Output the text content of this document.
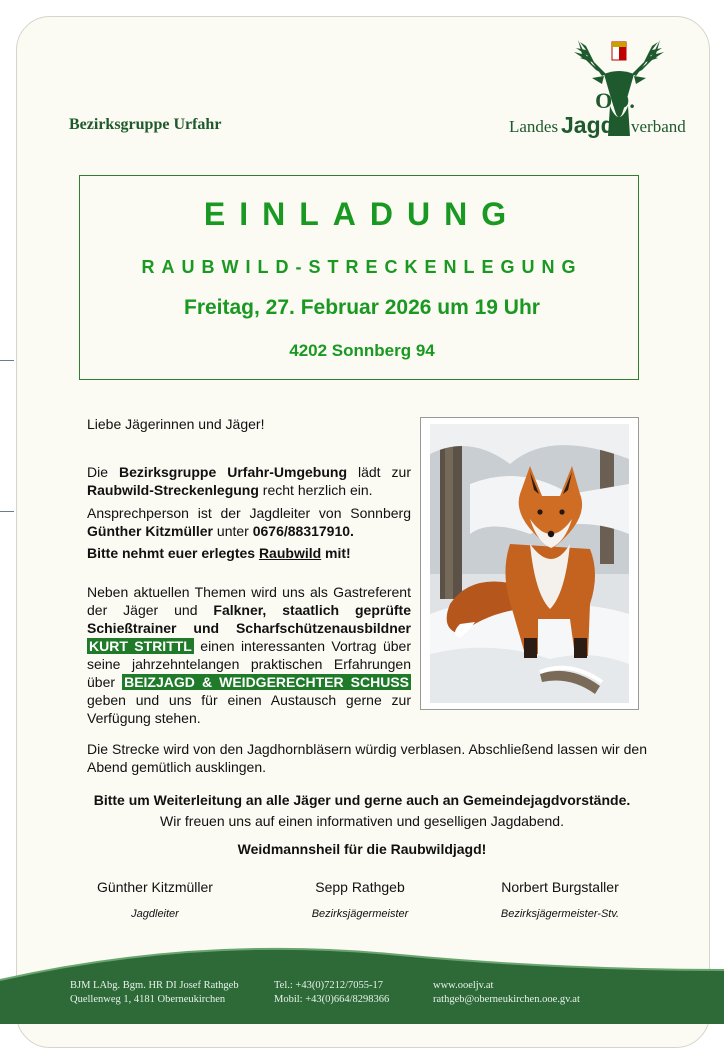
Bezirksgruppe Urfahr
OÖ.
Landes Jagd verband
EINLADUNG
RAUBWILD-STRECKENLEGUNG
Freitag, 27. Februar 2026 um 19 Uhr
4202 Sonnberg 94
Liebe Jägerinnen und Jäger!
Die Bezirksgruppe Urfahr-Umgebung lädt zur Raubwild-Streckenlegung recht herzlich ein.
Ansprechperson ist der Jagdleiter von Sonnberg Günther Kitzmüller unter 0676/88317910.
Bitte nehmt euer erlegtes Raubwild mit!
Neben aktuellen Themen wird uns als Gastreferent der Jäger und Falkner, staatlich geprüfte Schießtrainer und Scharfschützenausbildner KURT STRITTL einen interessanten Vortrag über seine jahrzehntelangen praktischen Erfahrungen über BEIZJAGD & WEIDGERECHTER SCHUSS geben und uns für einen Austausch gerne zur Verfügung stehen.
Die Strecke wird von den Jagdhornbläsern würdig verblasen. Abschließend lassen wir den Abend gemütlich ausklingen.
Bitte um Weiterleitung an alle Jäger und gerne auch an Gemeindejagdvorstände.
Wir freuen uns auf einen informativen und geselligen Jagdabend.
Weidmannsheil für die Raubwildjagd!
Günther Kitzmüller
Jagdleiter
Sepp Rathgeb
Bezirksjägermeister
Norbert Burgstaller
Bezirksjägermeister-Stv.
BJM LAbg. Bgm. HR DI Josef Rathgeb
Quellenweg 1, 4181 Oberneukirchen
Tel.: +43(0)7212/7055-17
Mobil: +43(0)664/8298366
www.ooeljv.at
rathgeb@oberneukirchen.ooe.gv.at
